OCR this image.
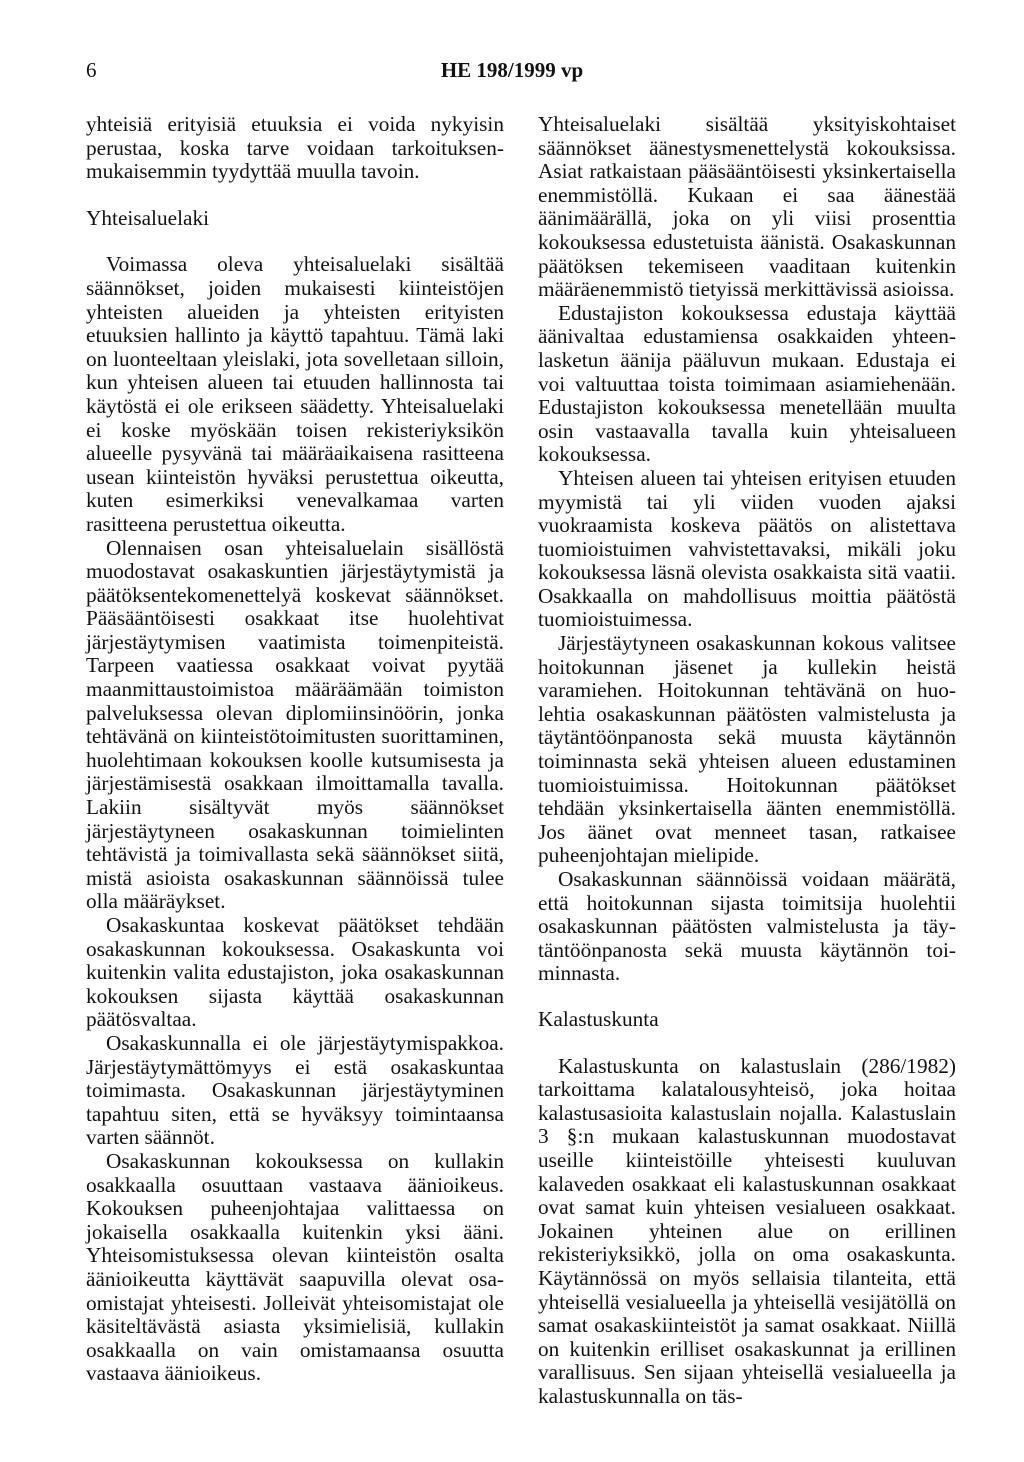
6	HE 198/1999 vp

yhteisiä erityisiä etuuksia ei voida nykyisin perustaa, koska tarve voidaan tarkoituksenmukaisemmin tyydyttää muulla tavoin.

Yhteisaluelaki

Voimassa oleva yhteisaluelaki sisältää säännökset, joiden mukaisesti kiinteistöjen yhteisten alueiden ja yhteisten erityisten etuuksien hallinto ja käyttö tapahtuu. Tämä laki on luonteeltaan yleislaki, jota sovelletaan silloin, kun yhteisen alueen tai etuuden hallinnosta tai käytöstä ei ole erikseen säädetty. Yhteisaluelaki ei koske myöskään toisen rekisteriyksikön alueelle pysyvänä tai määräaikaisena rasitteena usean kiinteistön hyväksi perustettua oikeutta, kuten esimerkiksi venevalkamaa varten rasitteena perustettua oikeutta.

Olennaisen osan yhteisaluelain sisällöstä muodostavat osakaskuntien järjestäytymistä ja päätöksentekomenettelyä koskevat säännökset. Pääsääntöisesti osakkaat itse huolehtivat järjestäytymisen vaatimista toimenpiteistä. Tarpeen vaatiessa osakkaat voivat pyytää maanmittaustoimistoa määräämään toimiston palveluksessa olevan diplomiinsinöörin, jonka tehtävänä on kiinteistötoimitusten suorittaminen, huolehtimaan kokouksen koolle kutsumisesta ja järjestämisestä osakkaan ilmoittamalla tavalla. Lakiin sisältyvät myös säännökset järjestäytyneen osakaskunnan toimielinten tehtävistä ja toimivallasta sekä säännökset siitä, mistä asioista osakaskunnan säännöissä tulee olla määräykset.

Osakaskuntaa koskevat päätökset tehdään osakaskunnan kokouksessa. Osakaskunta voi kuitenkin valita edustajiston, joka osakaskunnan kokouksen sijasta käyttää osakaskunnan päätösvaltaa.

Osakaskunnalla ei ole järjestäytymispakkoa. Järjestäytymättömyys ei estä osakaskuntaa toimimasta. Osakaskunnan järjestäytyminen tapahtuu siten, että se hyväksyy toimintaansa varten säännöt.

Osakaskunnan kokouksessa on kullakin osakkaalla osuuttaan vastaava äänioikeus. Kokouksen puheenjohtajaa valittaessa on jokaisella osakkaalla kuitenkin yksi ääni. Yhteisomistuksessa olevan kiinteistön osalta äänioikeutta käyttävät saapuvilla olevat osaomistajat yhteisesti. Jolleivät yhteisomistajat ole käsiteltävästä asiasta yksimielisiä, kullakin osakkaalla on vain omistamaansa osuutta vastaava äänioikeus.

Yhteisaluelaki sisältää yksityiskohtaiset säännökset äänestysmenettelystä kokouksissa. Asiat ratkaistaan pääsääntöisesti yksinkertaisella enemmistöllä. Kukaan ei saa äänestää äänimäärällä, joka on yli viisi prosenttia kokouksessa edustetuista äänistä. Osakaskunnan päätöksen tekemiseen vaaditaan kuitenkin määräenemmistö tietyissä merkittävissä asioissa.

Edustajiston kokouksessa edustaja käyttää äänivaltaa edustamiensa osakkaiden yhteenlasketun äänija pääluvun mukaan. Edustaja ei voi valtuuttaa toista toimimaan asiamiehenään. Edustajiston kokouksessa menetellään muulta osin vastaavalla tavalla kuin yhteisalueen kokouksessa.

Yhteisen alueen tai yhteisen erityisen etuuden myymistä tai yli viiden vuoden ajaksi vuokraamista koskeva päätös on alistettava tuomioistuimen vahvistettavaksi, mikäli joku kokouksessa läsnä olevista osakkaista sitä vaatii. Osakkaalla on mahdollisuus moittia päätöstä tuomioistuimessa.

Järjestäytyneen osakaskunnan kokous valitsee hoitokunnan jäsenet ja kullekin heistä varamiehen. Hoitokunnan tehtävänä on huolehtia osakaskunnan päätösten valmistelusta ja täytäntöönpanosta sekä muusta käytännön toiminnasta sekä yhteisen alueen edustaminen tuomioistuimissa. Hoitokunnan päätökset tehdään yksinkertaisella äänten enemmistöllä. Jos äänet ovat menneet tasan, ratkaisee puheenjohtajan mielipide.

Osakaskunnan säännöissä voidaan määrätä, että hoitokunnan sijasta toimitsija huolehtii osakaskunnan päätösten valmistelusta ja täytäntöönpanosta sekä muusta käytännön toiminnasta.

Kalastuskunta

Kalastuskunta on kalastuslain (286/1982) tarkoittama kalatalousyhteisö, joka hoitaa kalastusasioita kalastuslain nojalla. Kalastuslain 3 §:n mukaan kalastuskunnan muodostavat useille kiinteistöille yhteisesti kuuluvan kalaveden osakkaat eli kalastuskunnan osakkaat ovat samat kuin yhteisen vesialueen osakkaat. Jokainen yhteinen alue on erillinen rekisteriyksikkö, jolla on oma osakaskunta. Käytännössä on myös sellaisia tilanteita, että yhteisellä vesialueella ja yhteisellä vesijätöllä on samat osakaskiinteistöt ja samat osakkaat. Niillä on kuitenkin erilliset osakaskunnat ja erillinen varallisuus. Sen sijaan yhteisellä vesialueella ja kalastuskunnalla on täs-
